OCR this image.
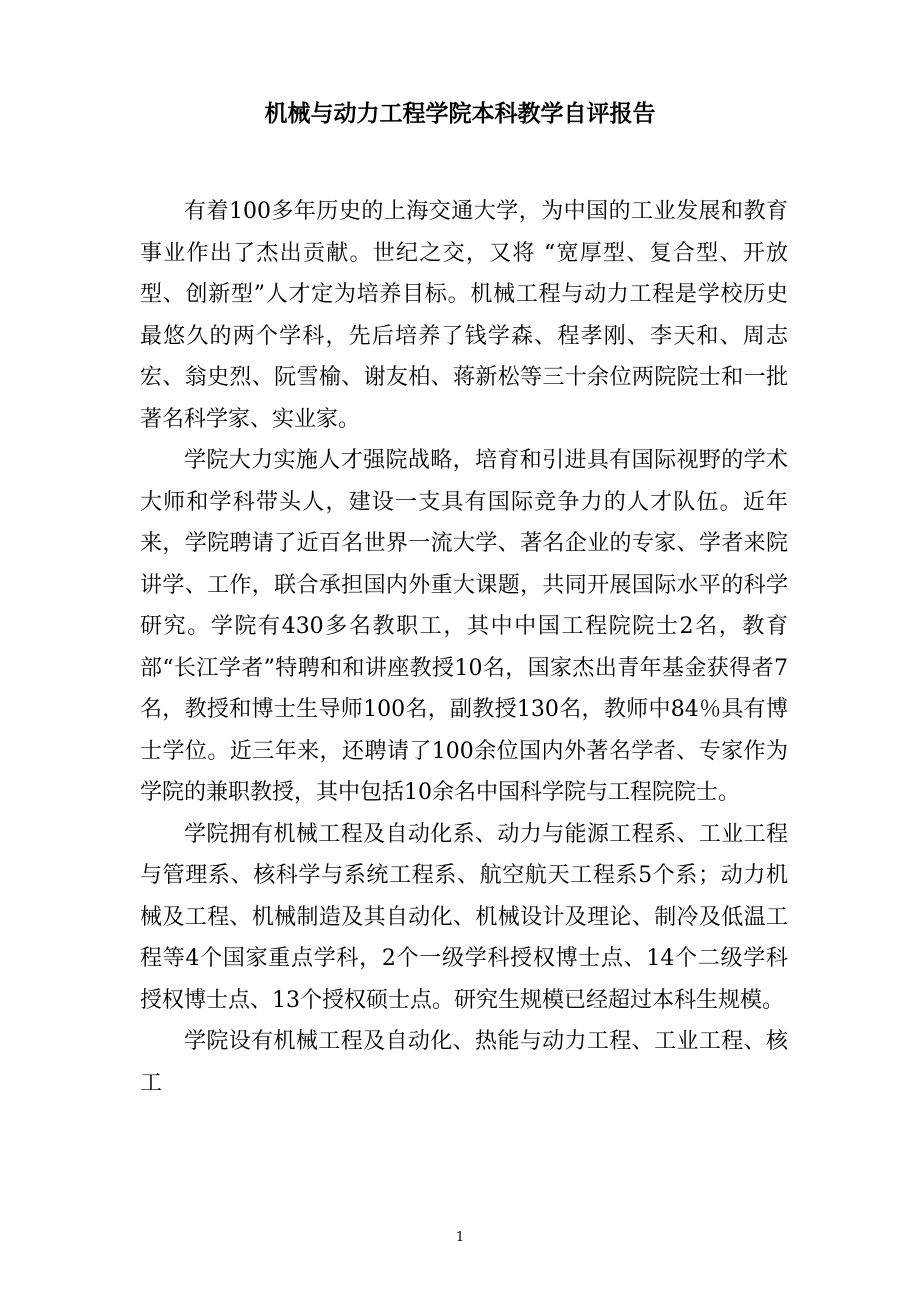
机械与动力工程学院本科教学自评报告

有着100多年历史的上海交通大学，为中国的工业发展和教育事业作出了杰出贡献。世纪之交，又将 “宽厚型、复合型、开放型、创新型”人才定为培养目标。机械工程与动力工程是学校历史最悠久的两个学科，先后培养了钱学森、程孝刚、李天和、周志宏、翁史烈、阮雪榆、谢友柏、蒋新松等三十余位两院院士和一批著名科学家、实业家。

学院大力实施人才强院战略，培育和引进具有国际视野的学术大师和学科带头人，建设一支具有国际竞争力的人才队伍。近年来，学院聘请了近百名世界一流大学、著名企业的专家、学者来院讲学、工作，联合承担国内外重大课题，共同开展国际水平的科学研究。学院有430多名教职工，其中中国工程院院士2名，教育部“长江学者”特聘和和讲座教授10名，国家杰出青年基金获得者7名，教授和博士生导师100名，副教授130名，教师中84％具有博士学位。近三年来，还聘请了100余位国内外著名学者、专家作为学院的兼职教授，其中包括10余名中国科学院与工程院院士。

学院拥有机械工程及自动化系、动力与能源工程系、工业工程与管理系、核科学与系统工程系、航空航天工程系5个系；动力机械及工程、机械制造及其自动化、机械设计及理论、制冷及低温工程等4个国家重点学科，2个一级学科授权博士点、14个二级学科授权博士点、13个授权硕士点。研究生规模已经超过本科生规模。

学院设有机械工程及自动化、热能与动力工程、工业工程、核工

1
